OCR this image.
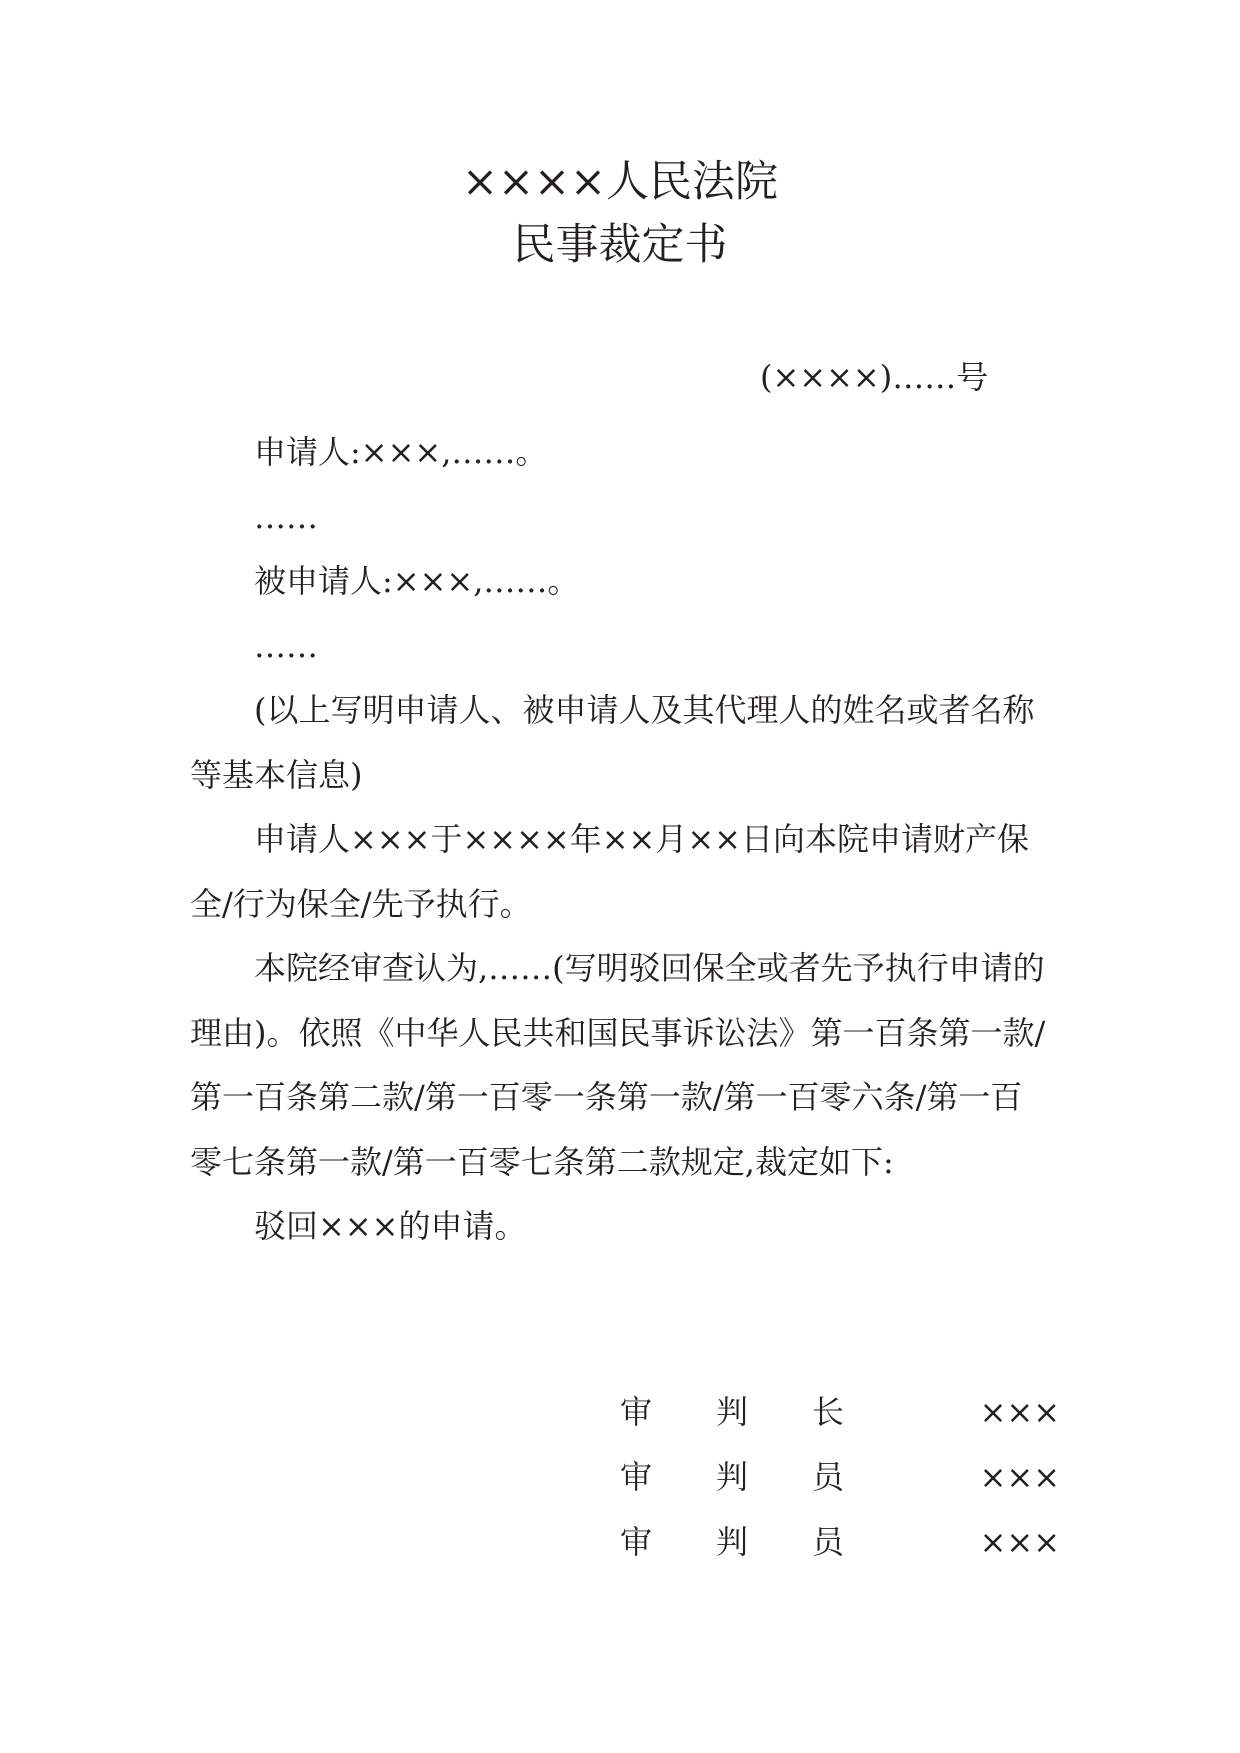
××××人民法院
民事裁定书
(××××)……号

申请人:×××,……。

……

被申请人:×××,……。

……

(以上写明申请人、被申请人及其代理人的姓名或者名称等基本信息)

申请人×××于××××年××月××日向本院申请财产保全/行为保全/先予执行。

本院经审查认为,……(写明驳回保全或者先予执行申请的理由)。依照《中华人民共和国民事诉讼法》第一百条第一款/第一百条第二款/第一百零一条第一款/第一百零六条/第一百零七条第一款/第一百零七条第二款规定,裁定如下:

驳回×××的申请。

审判长 ×××
审判员 ×××
审判员 ×××
